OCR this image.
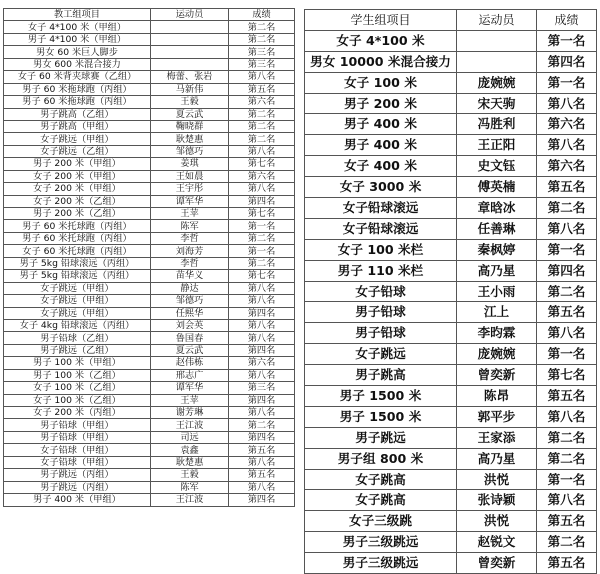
教工组项目	运动员	成绩
女子 4*100 米（甲组）		第二名
男子 4*100 米（甲组）		第二名
男女 60 米巨人脚步		第三名
男女 600 米混合接力		第三名
女子 60 米背夹球赛（乙组）	梅蕾、张岩	第八名
男子 60 米拖球跑（丙组）	马新伟	第五名
男子 60 米拖球跑（丙组）	王毅	第六名
男子跳高（乙组）	夏云武	第二名
男子跳高（甲组）	鞠晓群	第二名
女子跳远（甲组）	耿楚惠	第二名
女子跳远（乙组）	邹德巧	第八名
男子 200 米（甲组）	姜琪	第七名
女子 200 米（甲组）	王如晨	第六名
女子 200 米（甲组）	王宇彤	第八名
女子 200 米（乙组）	谭军华	第四名
男子 200 米（乙组）	王苹	第七名
男子 60 米托球跑（丙组）	陈军	第一名
男子 60 米托球跑（丙组）	李哲	第二名
女子 60 米托球跑（丙组）	刘海芳	第一名
男子 5kg 铅球滚远（丙组）	李哲	第二名
男子 5kg 铅球滚远（丙组）	苗华义	第七名
女子跳远（甲组）	静达	第八名
女子跳远（甲组）	邹德巧	第八名
女子跳远（甲组）	任熙华	第四名
女子 4kg 铅球滚远（丙组）	刘会英	第八名
男子铅球（乙组）	鲁国春	第八名
男子跳远（乙组）	夏云武	第四名
男子 100 米（甲组）	赵伟栋	第六名
男子 100 米（乙组）	邢志广	第八名
女子 100 米（乙组）	谭军华	第三名
女子 100 米（乙组）	王苹	第四名
女子 200 米（丙组）	谢芳琳	第八名
男子铅球（甲组）	王江波	第二名
男子铅球（甲组）	司远	第四名
女子铅球（甲组）	袁鑫	第五名
女子铅球（甲组）	耿楚惠	第八名
男子跳远（丙组）	王毅	第五名
男子跳远（丙组）	陈军	第八名
男子 400 米（甲组）	王江波	第四名
学生组项目	运动员	成绩
女子 4*100 米		第一名
男女 10000 米混合接力		第四名
女子 100 米	庞婉婉	第一名
男子 200 米	宋天驹	第八名
男子 400 米	冯胜利	第六名
男子 400 米	王正阳	第八名
女子 400 米	史文钰	第六名
女子 3000 米	傅英楠	第五名
女子铅球滚远	章晗冰	第二名
女子铅球滚远	任善琳	第八名
女子 100 米栏	秦枫婷	第一名
男子 110 米栏	高乃星	第四名
女子铅球	王小雨	第二名
男子铅球	江上	第五名
男子铅球	李昀霖	第八名
女子跳远	庞婉婉	第一名
男子跳高	曾奕新	第七名
男子 1500 米	陈昂	第五名
男子 1500 米	郭平步	第八名
男子跳远	王家添	第二名
男子组 800 米	高乃星	第二名
女子跳高	洪悦	第一名
女子跳高	张诗颖	第八名
女子三级跳	洪悦	第五名
男子三级跳远	赵锐文	第二名
男子三级跳远	曾奕新	第五名
